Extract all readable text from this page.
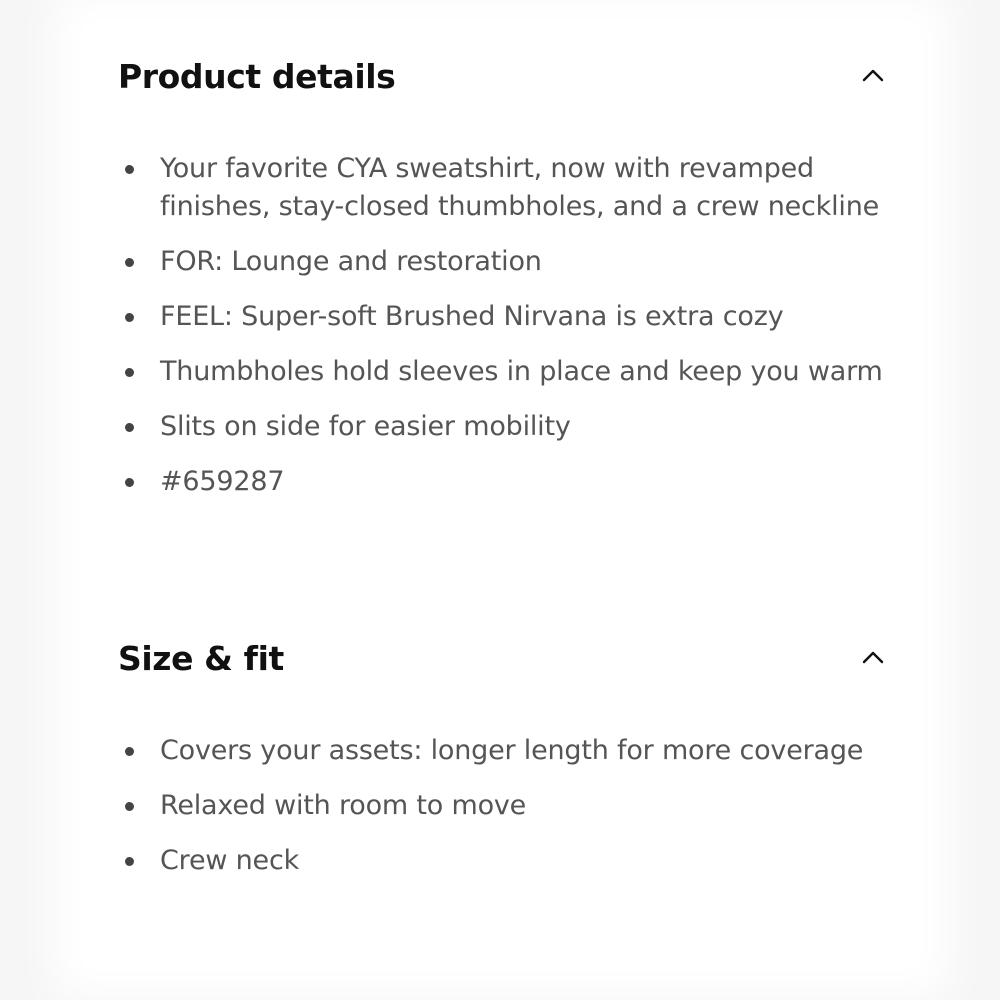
Product details
Your favorite CYA sweatshirt, now with revamped finishes, stay-closed thumbholes, and a crew neckline
FOR: Lounge and restoration
FEEL: Super-soft Brushed Nirvana is extra cozy
Thumbholes hold sleeves in place and keep you warm
Slits on side for easier mobility
#659287
Size & fit
Covers your assets: longer length for more coverage
Relaxed with room to move
Crew neck
